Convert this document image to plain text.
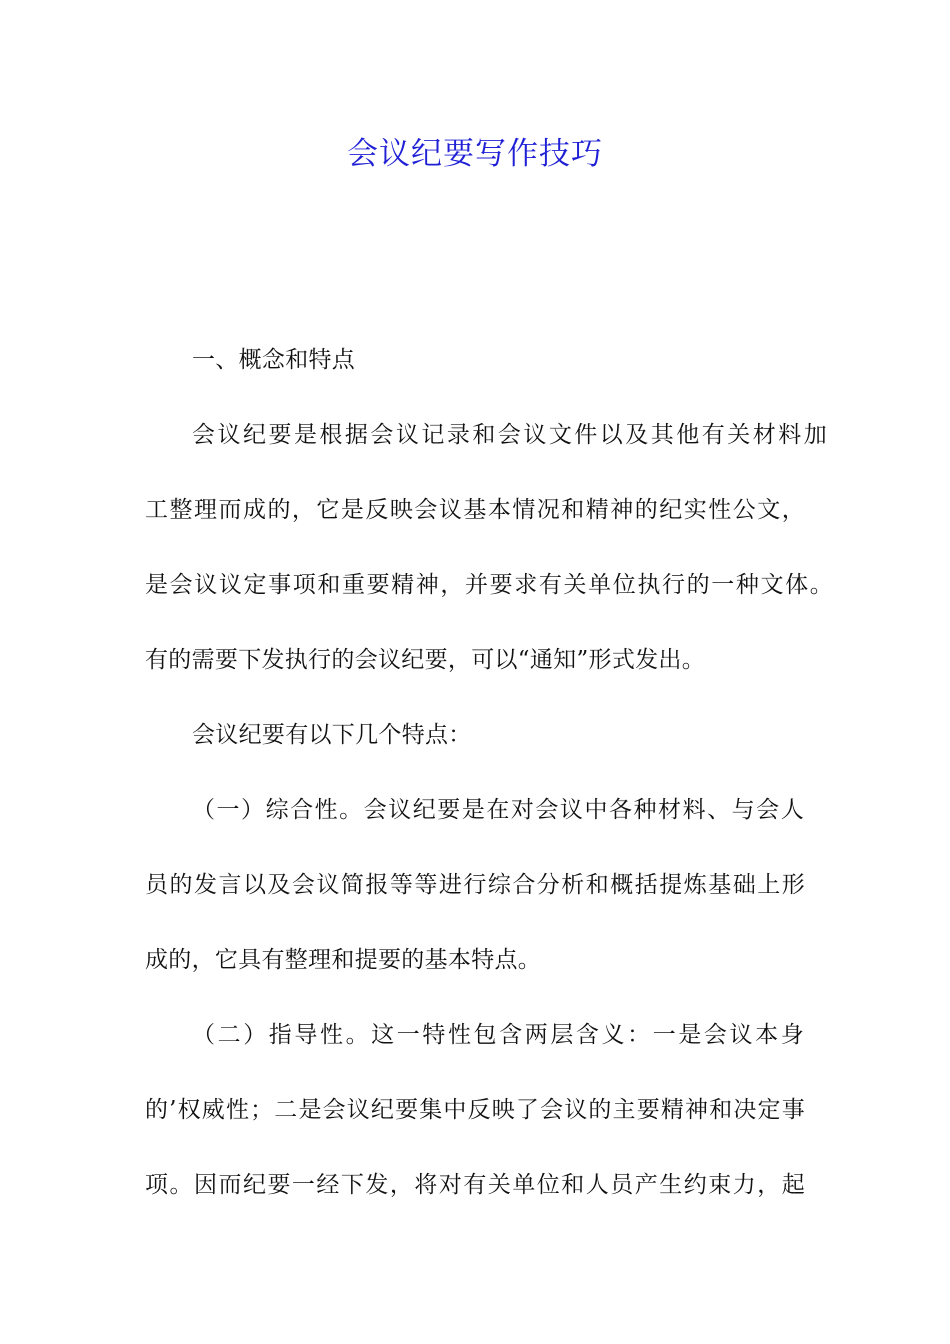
会议纪要写作技巧
一、概念和特点
会议纪要是根据会议记录和会议文件以及其他有关材料加
工整理而成的，它是反映会议基本情况和精神的纪实性公文，
是会议议定事项和重要精神，并要求有关单位执行的一种文体。
有的需要下发执行的会议纪要，可以“通知”形式发出。
会议纪要有以下几个特点：
（一）综合性。会议纪要是在对会议中各种材料、与会人
员的发言以及会议简报等等进行综合分析和概括提炼基础上形
成的，它具有整理和提要的基本特点。
（二）指导性。这一特性包含两层含义：一是会议本身
的’权威性；二是会议纪要集中反映了会议的主要精神和决定事
项。因而纪要一经下发，将对有关单位和人员产生约束力，起
